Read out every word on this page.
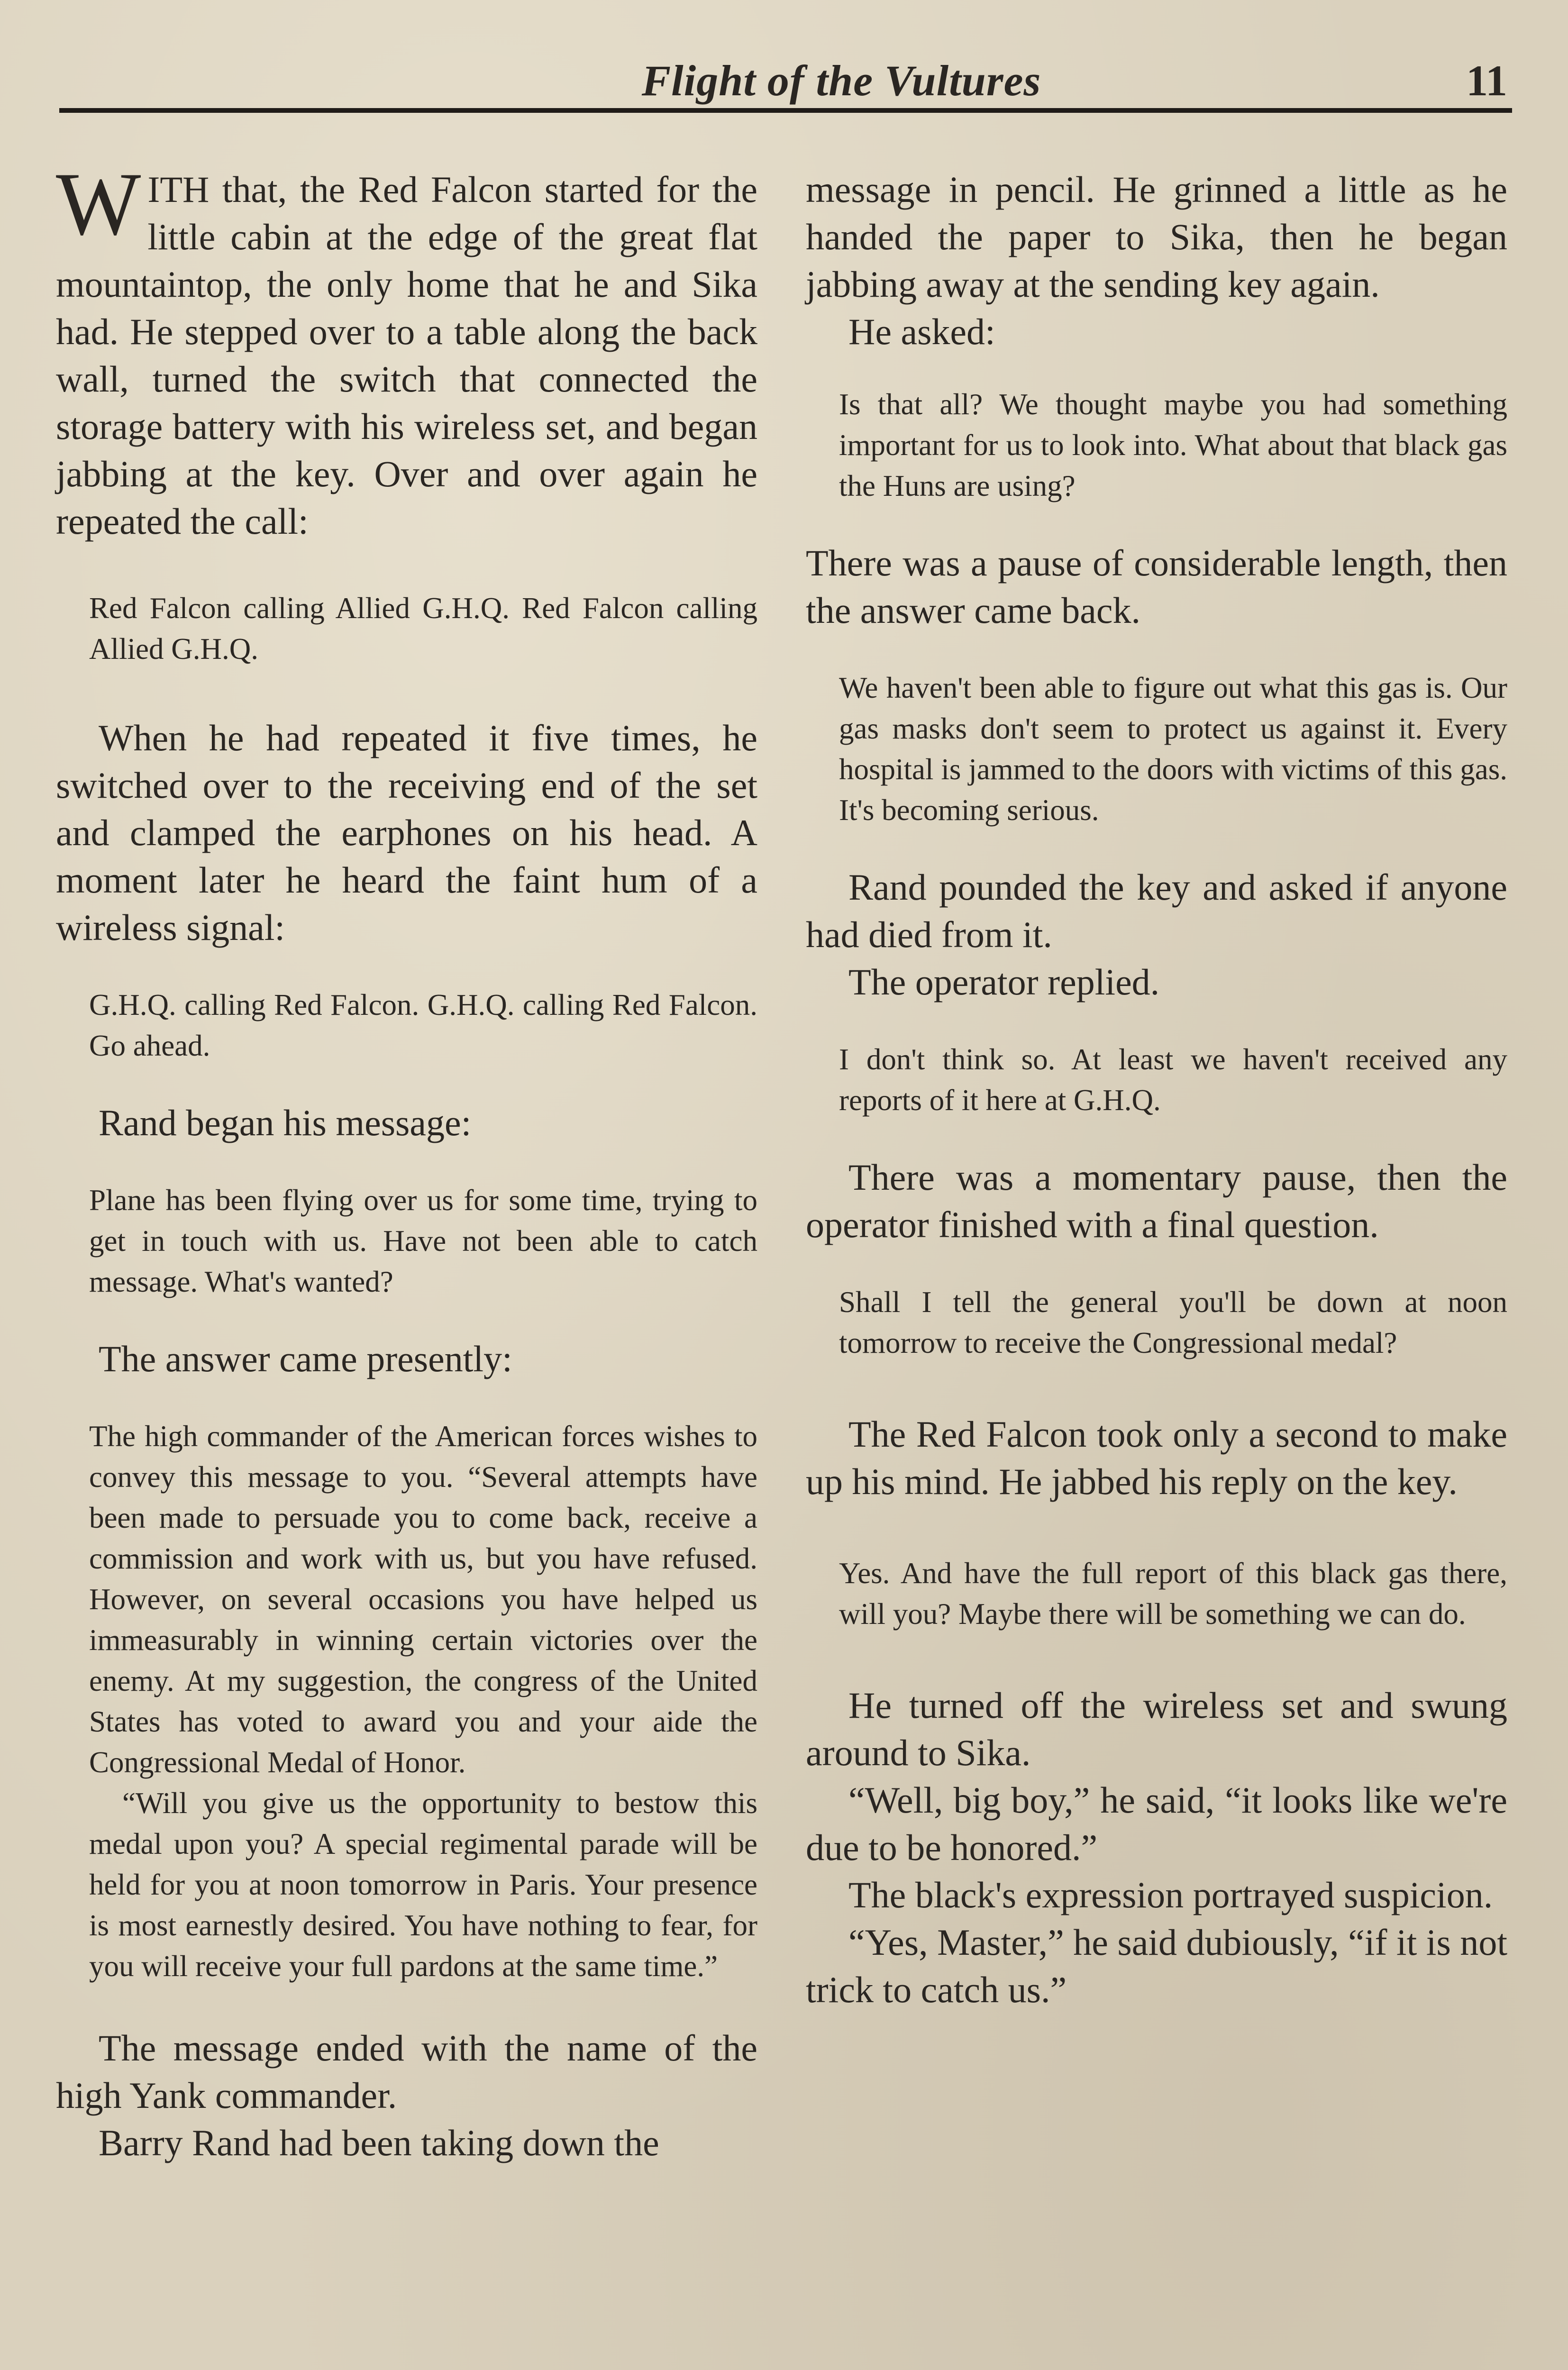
Flight of the Vultures	11

WITH that, the Red Falcon started for the little cabin at the edge of the great flat mountaintop, the only home that he and Sika had. He stepped over to a table along the back wall, turned the switch that connected the storage battery with his wireless set, and began jabbing at the key. Over and over again he repeated the call:

Red Falcon calling Allied G.H.Q. Red Falcon calling Allied G.H.Q.

When he had repeated it five times, he switched over to the receiving end of the set and clamped the earphones on his head. A moment later he heard the faint hum of a wireless signal:

G.H.Q. calling Red Falcon. G.H.Q. calling Red Falcon. Go ahead.

Rand began his message:

Plane has been flying over us for some time, trying to get in touch with us. Have not been able to catch message. What's wanted?

The answer came presently:

The high commander of the American forces wishes to convey this message to you. “Several attempts have been made to persuade you to come back, receive a commission and work with us, but you have refused. However, on several occasions you have helped us immeasurably in winning certain victories over the enemy. At my suggestion, the congress of the United States has voted to award you and your aide the Congressional Medal of Honor.

“Will you give us the opportunity to bestow this medal upon you? A special regimental parade will be held for you at noon tomorrow in Paris. Your presence is most earnestly desired. You have nothing to fear, for you will receive your full pardons at the same time.”

The message ended with the name of the high Yank commander.

Barry Rand had been taking down the

message in pencil. He grinned a little as he handed the paper to Sika, then he began jabbing away at the sending key again.

He asked:

Is that all? We thought maybe you had something important for us to look into. What about that black gas the Huns are using?

There was a pause of considerable length, then the answer came back.

We haven't been able to figure out what this gas is. Our gas masks don't seem to protect us against it. Every hospital is jammed to the doors with victims of this gas. It's becoming serious.

Rand pounded the key and asked if anyone had died from it.

The operator replied.

I don't think so. At least we haven't received any reports of it here at G.H.Q.

There was a momentary pause, then the operator finished with a final question.

Shall I tell the general you'll be down at noon tomorrow to receive the Congressional medal?

The Red Falcon took only a second to make up his mind. He jabbed his reply on the key.

Yes. And have the full report of this black gas there, will you? Maybe there will be something we can do.

He turned off the wireless set and swung around to Sika.

“Well, big boy,” he said, “it looks like we're due to be honored.”

The black's expression portrayed suspicion.

“Yes, Master,” he said dubiously, “if it is not trick to catch us.”
